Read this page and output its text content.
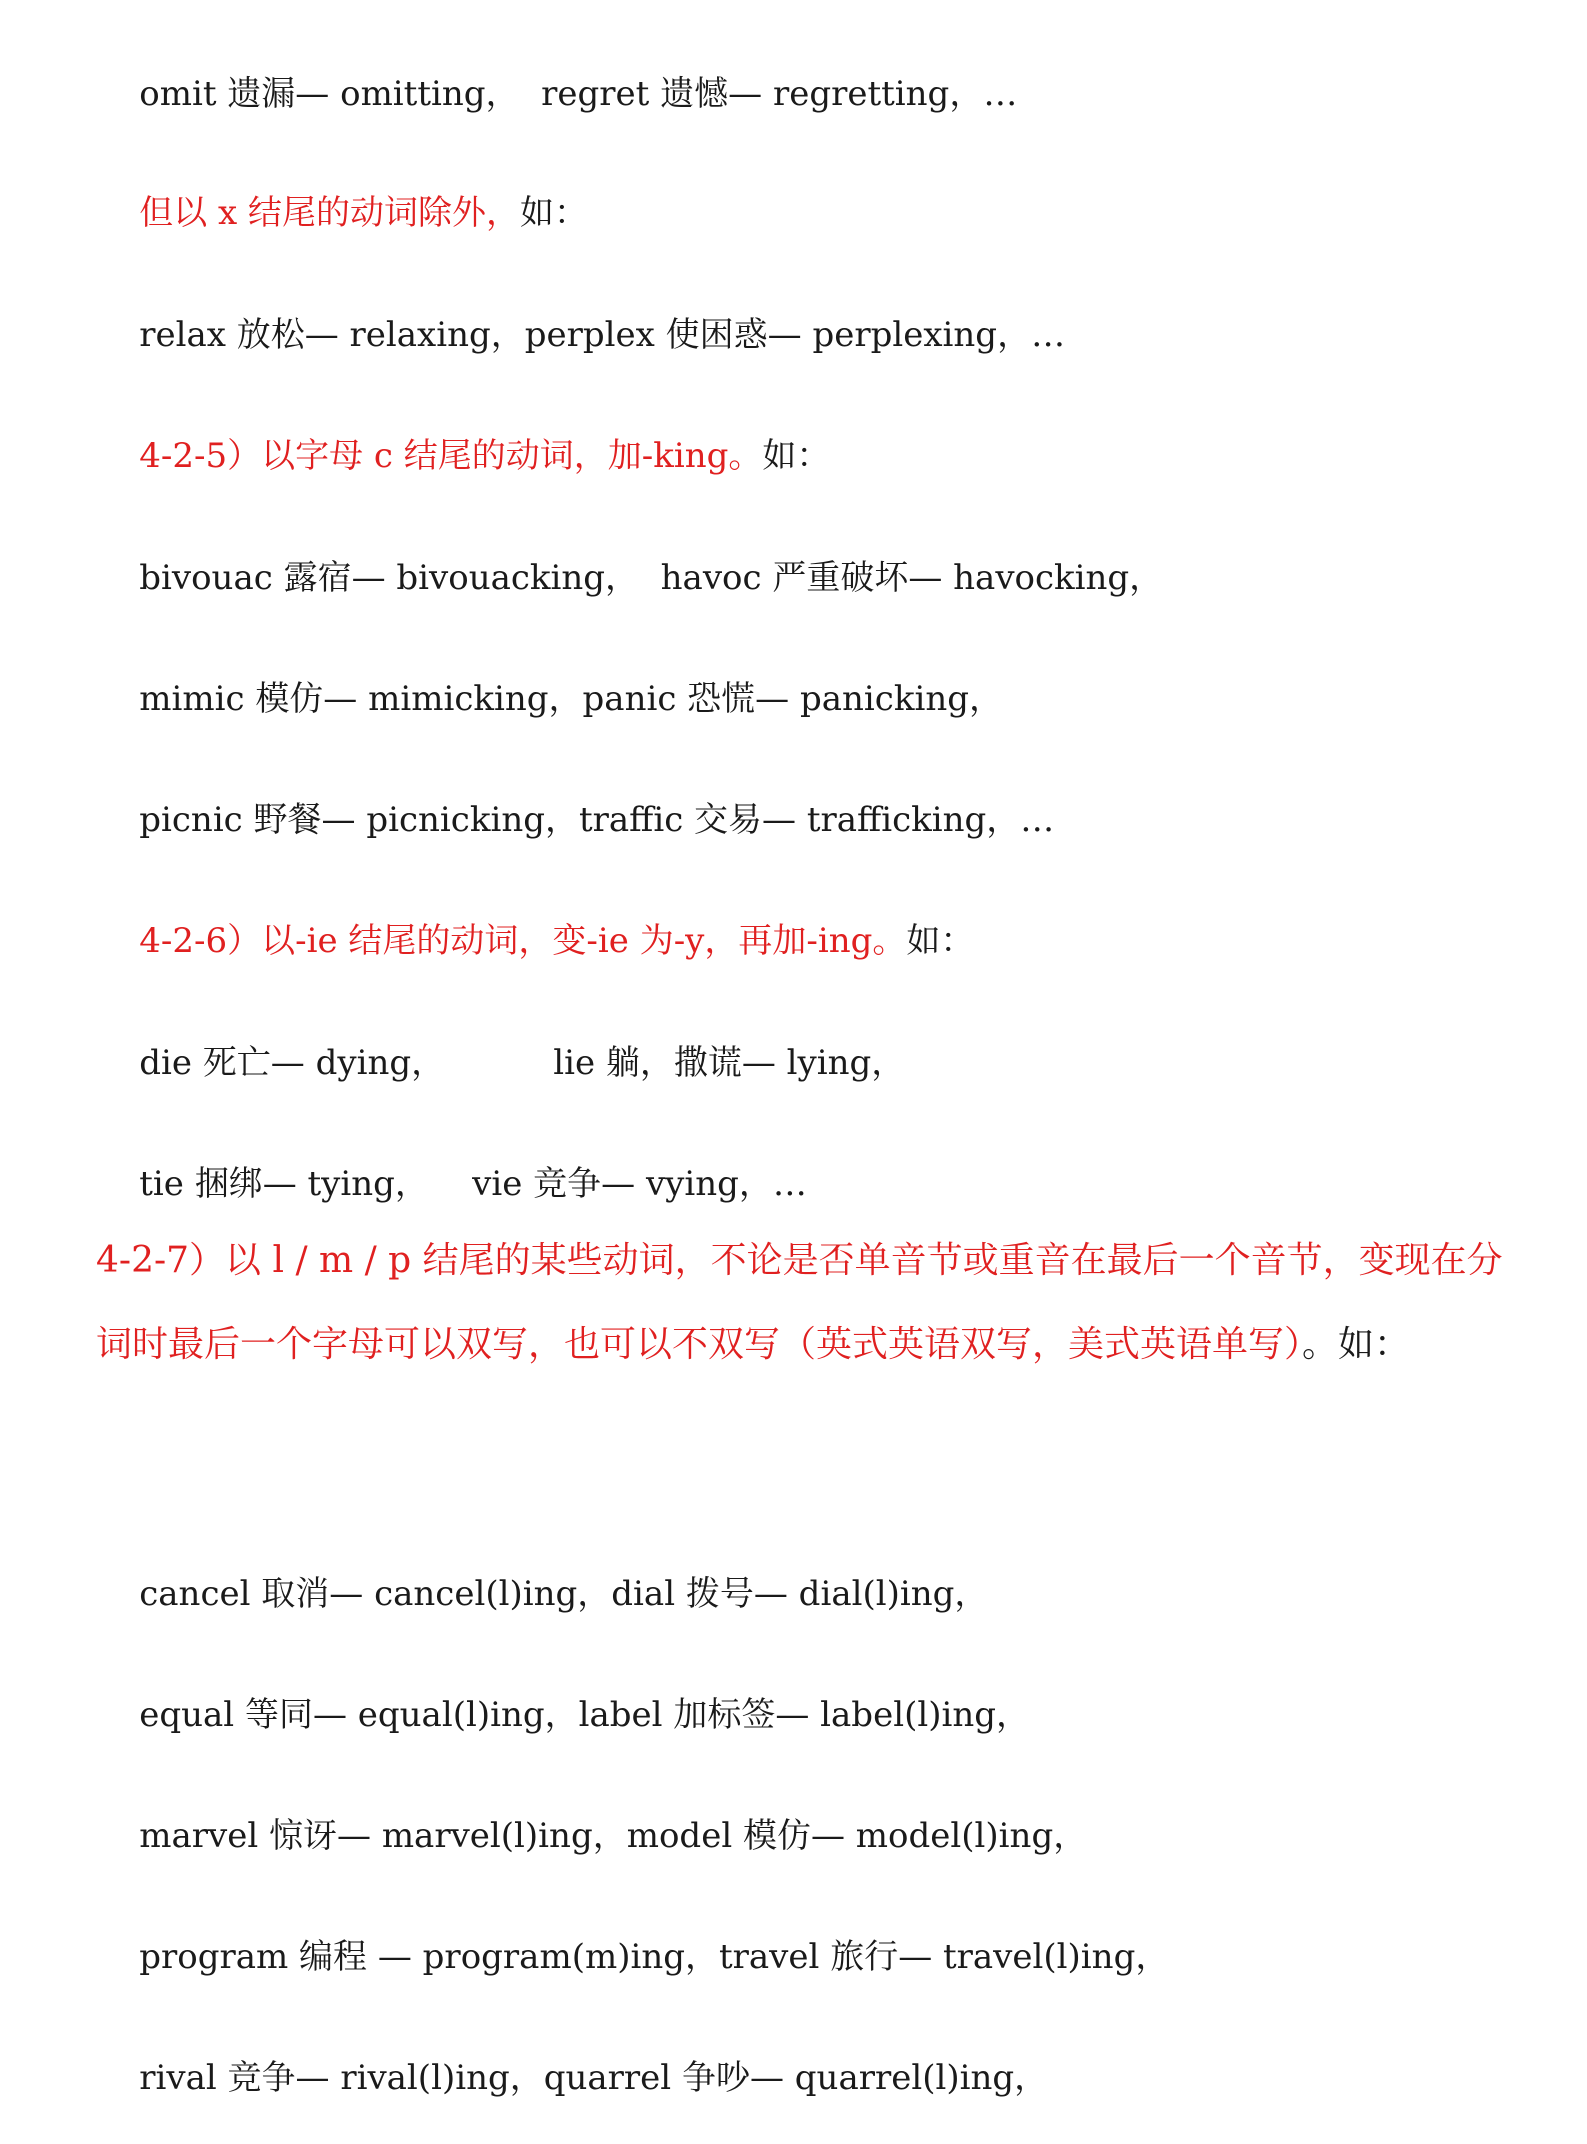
omit 遗漏— omitting，  regret 遗憾— regretting，…

但以 x 结尾的动词除外，如：

relax 放松— relaxing，perplex 使困惑— perplexing，…

4-2-5）以字母 c 结尾的动词，加-king。如：

bivouac 露宿— bivouacking，  havoc 严重破坏— havocking，

mimic 模仿— mimicking，panic 恐慌— panicking，

picnic 野餐— picnicking，traffic 交易— trafficking，…

4-2-6）以-ie 结尾的动词，变-ie 为-y，再加-ing。如：

die 死亡— dying，          lie 躺，撒谎— lying，

tie 捆绑— tying，    vie 竞争— vying，…

4-2-7）以 l / m / p 结尾的某些动词，不论是否单音节或重音在最后一个音节，变现在分词时最后一个字母可以双写，也可以不双写（英式英语双写，美式英语单写）。如：

cancel 取消— cancel(l)ing，dial 拨号— dial(l)ing，

equal 等同— equal(l)ing，label 加标签— label(l)ing，

marvel 惊讶— marvel(l)ing，model 模仿— model(l)ing，

program 编程 — program(m)ing，travel 旅行— travel(l)ing，

rival 竞争— rival(l)ing，quarrel 争吵— quarrel(l)ing，
